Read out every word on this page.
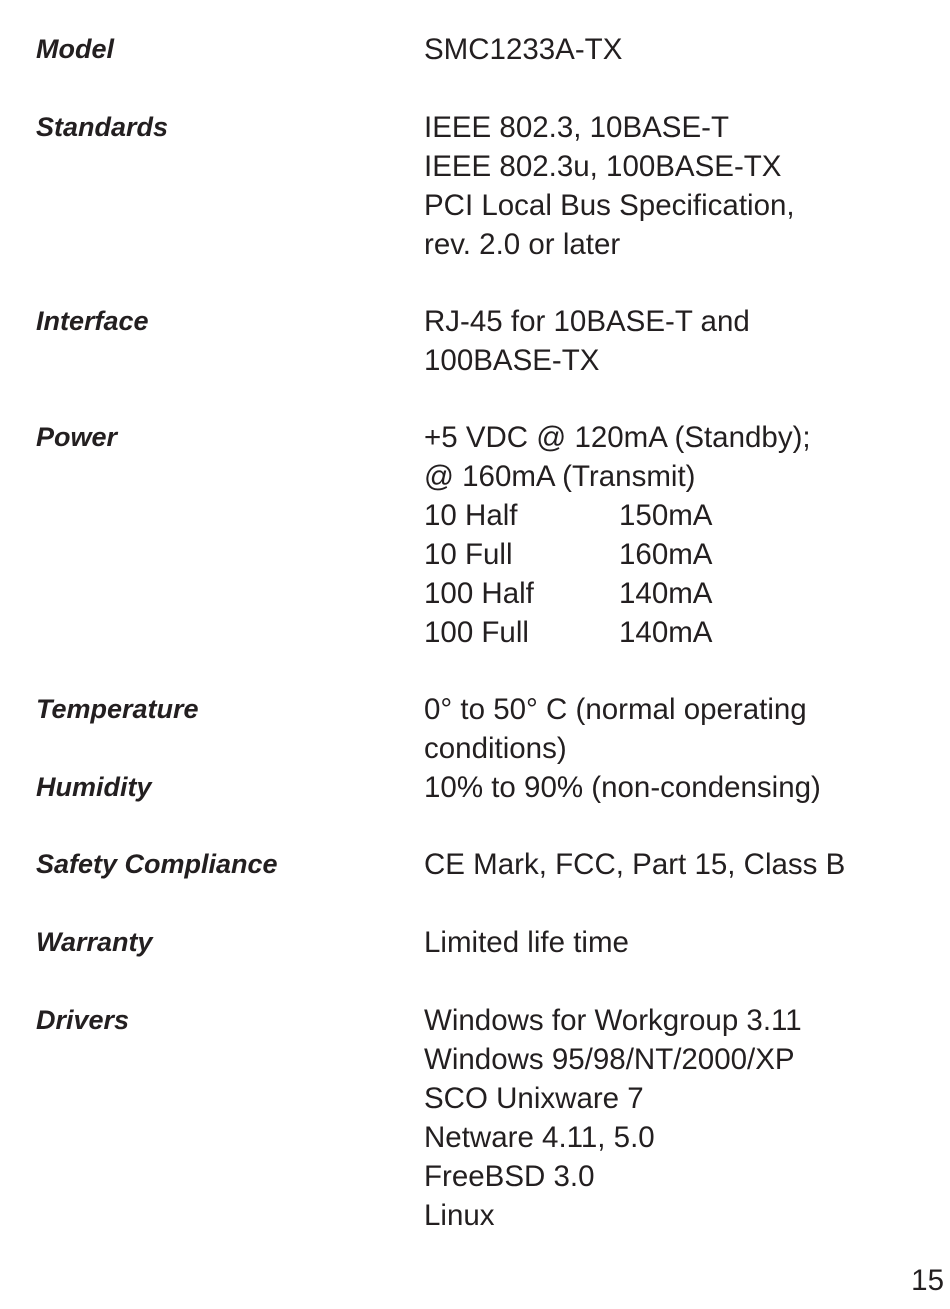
Model	SMC1233A-TX
Standards	IEEE 802.3, 10BASE-T
IEEE 802.3u, 100BASE-TX
PCI Local Bus Specification,
rev. 2.0 or later
Interface	RJ-45 for 10BASE-T and
100BASE-TX
Power	+5 VDC @ 120mA (Standby);
@ 160mA (Transmit)
10 Half	150mA
10 Full	160mA
100 Half	140mA
100 Full	140mA
Temperature	0° to 50° C (normal operating
conditions)
Humidity	10% to 90% (non-condensing)
Safety Compliance	CE Mark, FCC, Part 15, Class B
Warranty	Limited life time
Drivers	Windows for Workgroup 3.11
Windows 95/98/NT/2000/XP
SCO Unixware 7
Netware 4.11, 5.0
FreeBSD 3.0
Linux
15
